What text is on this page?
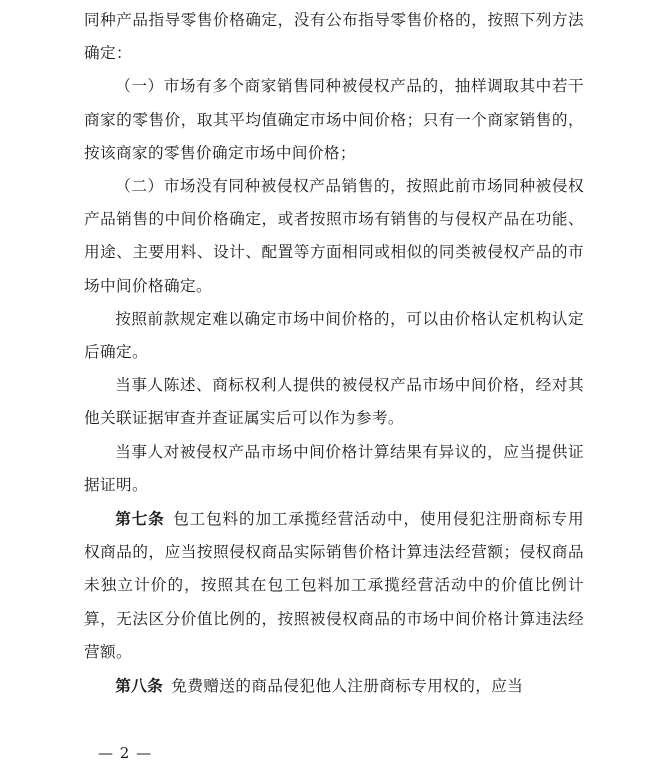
同种产品指导零售价格确定，没有公布指导零售价格的，按照下列方法确定：

（一）市场有多个商家销售同种被侵权产品的，抽样调取其中若干商家的零售价，取其平均值确定市场中间价格；只有一个商家销售的，按该商家的零售价确定市场中间价格；

（二）市场没有同种被侵权产品销售的，按照此前市场同种被侵权产品销售的中间价格确定，或者按照市场有销售的与侵权产品在功能、用途、主要用料、设计、配置等方面相同或相似的同类被侵权产品的市场中间价格确定。

按照前款规定难以确定市场中间价格的，可以由价格认定机构认定后确定。

当事人陈述、商标权利人提供的被侵权产品市场中间价格，经对其他关联证据审查并查证属实后可以作为参考。

当事人对被侵权产品市场中间价格计算结果有异议的，应当提供证据证明。

第七条  包工包料的加工承揽经营活动中，使用侵犯注册商标专用权商品的，应当按照侵权商品实际销售价格计算违法经营额；侵权商品未独立计价的，按照其在包工包料加工承揽经营活动中的价值比例计算，无法区分价值比例的，按照被侵权商品的市场中间价格计算违法经营额。

第八条  免费赠送的商品侵犯他人注册商标专用权的，应当

— 2 —
